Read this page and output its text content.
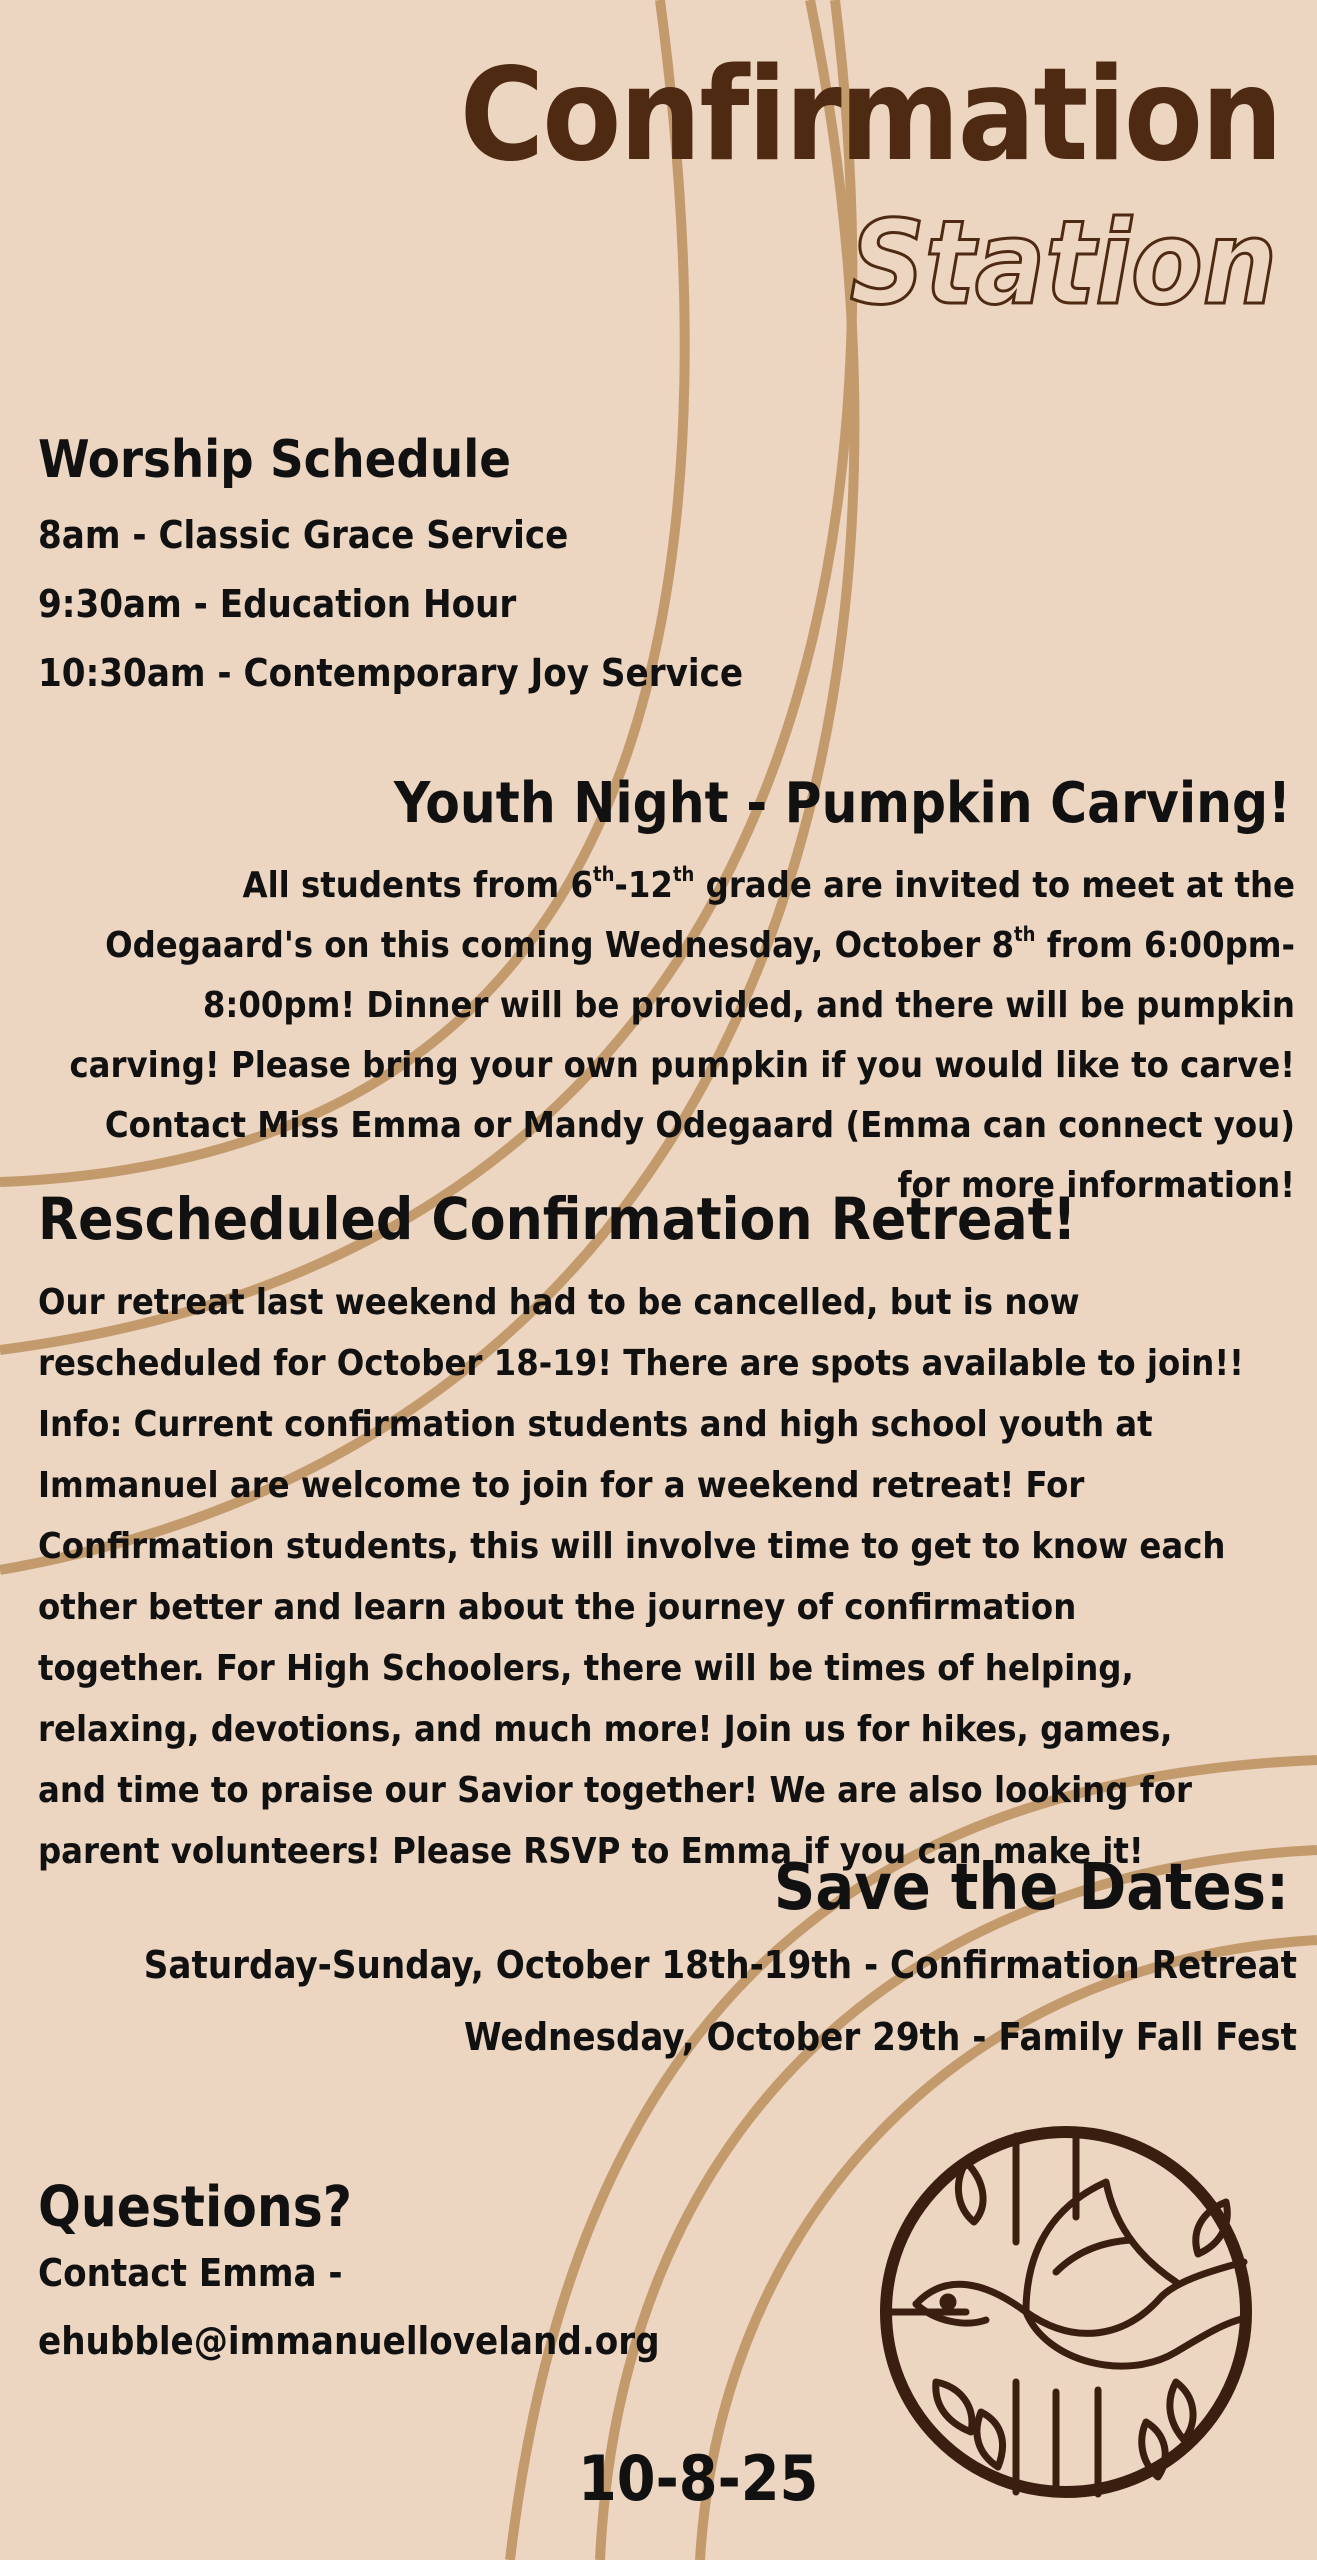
Confirmation
Station
Worship Schedule
8am - Classic Grace Service
9:30am - Education Hour
10:30am - Contemporary Joy Service
Youth Night - Pumpkin Carving!
All students from 6th-12th grade are invited to meet at the Odegaard's on this coming Wednesday, October 8th from 6:00pm-8:00pm! Dinner will be provided, and there will be pumpkin carving! Please bring your own pumpkin if you would like to carve! Contact Miss Emma or Mandy Odegaard (Emma can connect you) for more information!
Rescheduled Confirmation Retreat!
Our retreat last weekend had to be cancelled, but is now rescheduled for October 18-19! There are spots available to join!! Info: Current confirmation students and high school youth at Immanuel are welcome to join for a weekend retreat! For Confirmation students, this will involve time to get to know each other better and learn about the journey of confirmation together. For High Schoolers, there will be times of helping, relaxing, devotions, and much more! Join us for hikes, games, and time to praise our Savior together! We are also looking for parent volunteers! Please RSVP to Emma if you can make it!
Save the Dates:
Saturday-Sunday, October 18th-19th - Confirmation Retreat
Wednesday, October 29th - Family Fall Fest
Questions?
Contact Emma -
ehubble@immanuelloveland.org
10-8-25
